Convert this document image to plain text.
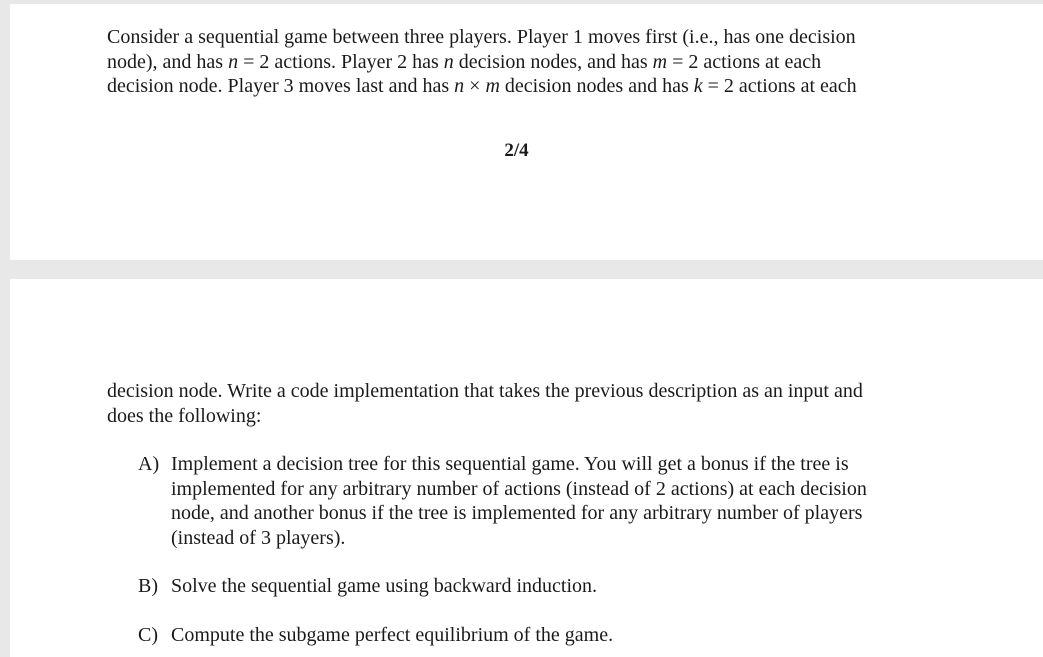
Consider a sequential game between three players. Player 1 moves first (i.e., has one decision
node), and has n = 2 actions. Player 2 has n decision nodes, and has m = 2 actions at each
decision node. Player 3 moves last and has n × m decision nodes and has k = 2 actions at each

2/4

decision node. Write a code implementation that takes the previous description as an input and
does the following:

A) Implement a decision tree for this sequential game. You will get a bonus if the tree is
implemented for any arbitrary number of actions (instead of 2 actions) at each decision
node, and another bonus if the tree is implemented for any arbitrary number of players
(instead of 3 players).
B) Solve the sequential game using backward induction.
C) Compute the subgame perfect equilibrium of the game.
